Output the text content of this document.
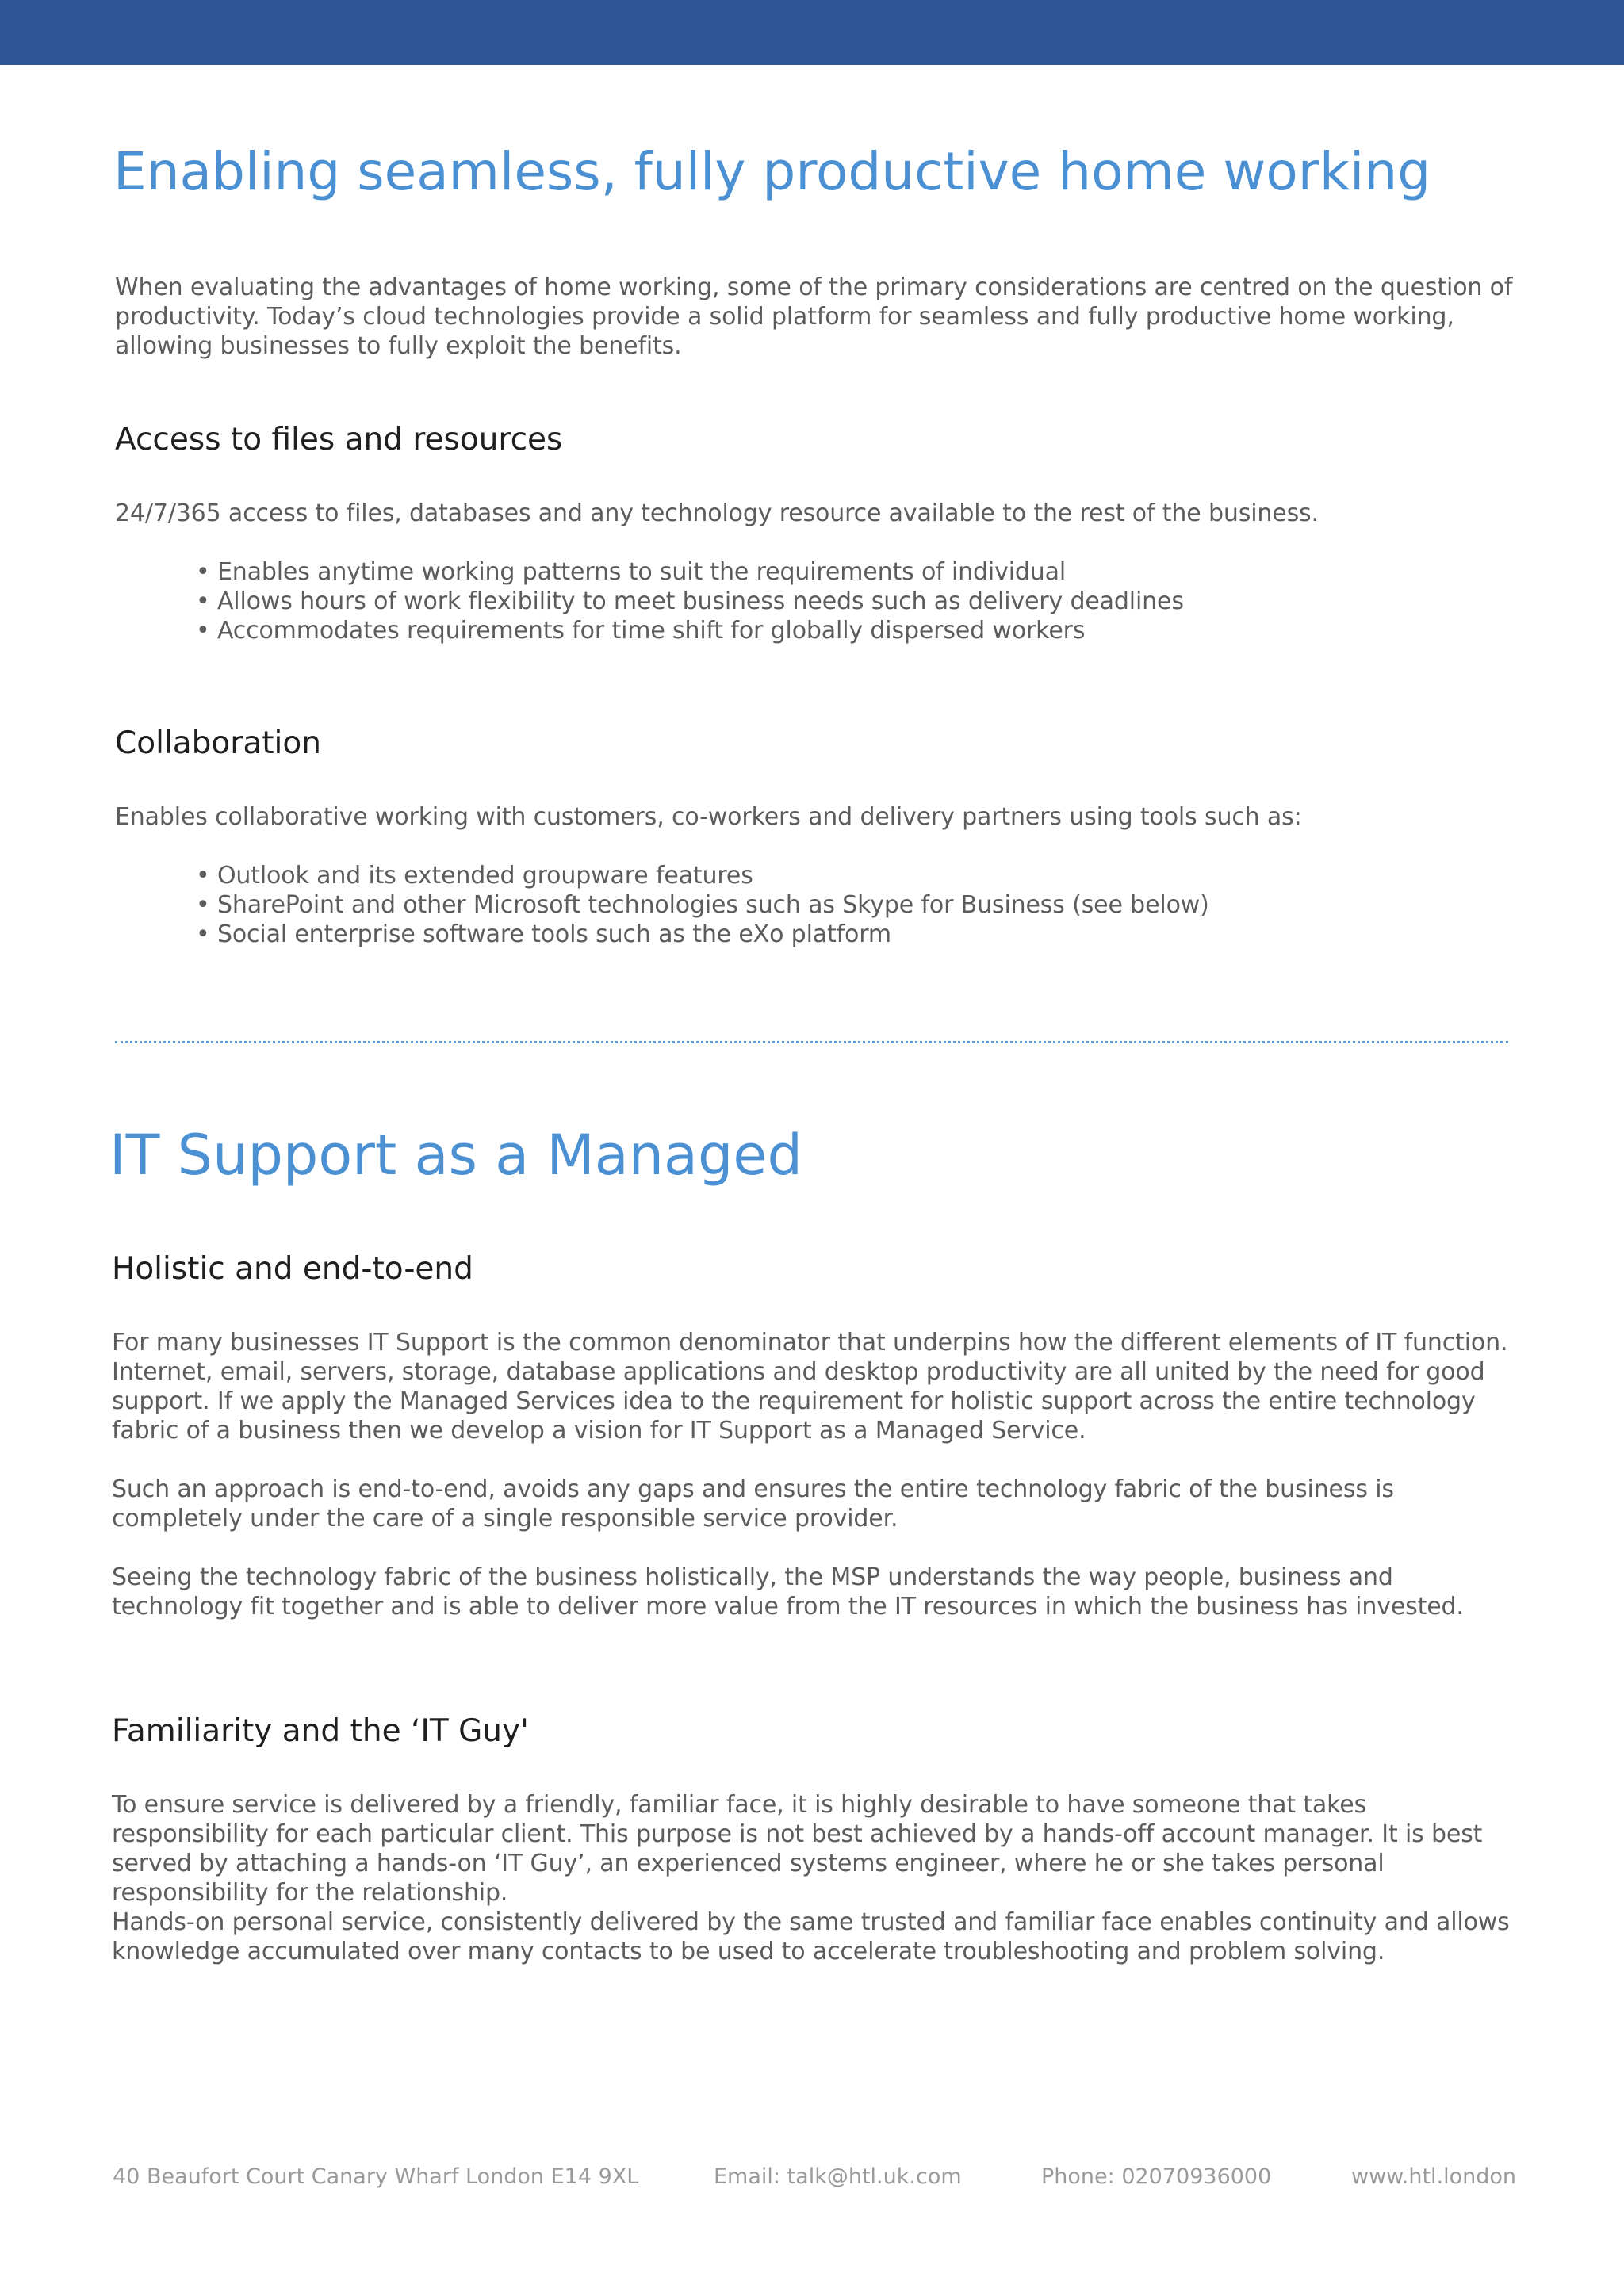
Enabling seamless, fully productive home working

When evaluating the advantages of home working, some of the primary considerations are centred on the question of productivity. Today’s cloud technologies provide a solid platform for seamless and fully productive home working, allowing businesses to fully exploit the benefits.

Access to files and resources

24/7/365 access to files, databases and any technology resource available to the rest of the business.

• Enables anytime working patterns to suit the requirements of individual
• Allows hours of work flexibility to meet business needs such as delivery deadlines
• Accommodates requirements for time shift for globally dispersed workers
Collaboration

Enables collaborative working with customers, co-workers and delivery partners using tools such as:

• Outlook and its extended groupware features
• SharePoint and other Microsoft technologies such as Skype for Business (see below)
• Social enterprise software tools such as the eXo platform
IT Support as a Managed
Holistic and end-to-end

For many businesses IT Support is the common denominator that underpins how the different elements of IT function. Internet, email, servers, storage, database applications and desktop productivity are all united by the need for good support. If we apply the Managed Services idea to the requirement for holistic support across the entire technology fabric of a business then we develop a vision for IT Support as a Managed Service.

Such an approach is end-to-end, avoids any gaps and ensures the entire technology fabric of the business is completely under the care of a single responsible service provider.

Seeing the technology fabric of the business holistically, the MSP understands the way people, business and technology fit together and is able to deliver more value from the IT resources in which the business has invested.

Familiarity and the ‘IT Guy'

To ensure service is delivered by a friendly, familiar face, it is highly desirable to have someone that takes responsibility for each particular client. This purpose is not best achieved by a hands-off account manager. It is best served by attaching a hands-on ‘IT Guy’, an experienced systems engineer, where he or she takes personal responsibility for the relationship.

Hands-on personal service, consistently delivered by the same trusted and familiar face enables continuity and allows knowledge accumulated over many contacts to be used to accelerate troubleshooting and problem solving.

40 Beaufort Court Canary Wharf London E14 9XL	Email: talk@htl.uk.com	Phone: 02070936000	www.htl.london
